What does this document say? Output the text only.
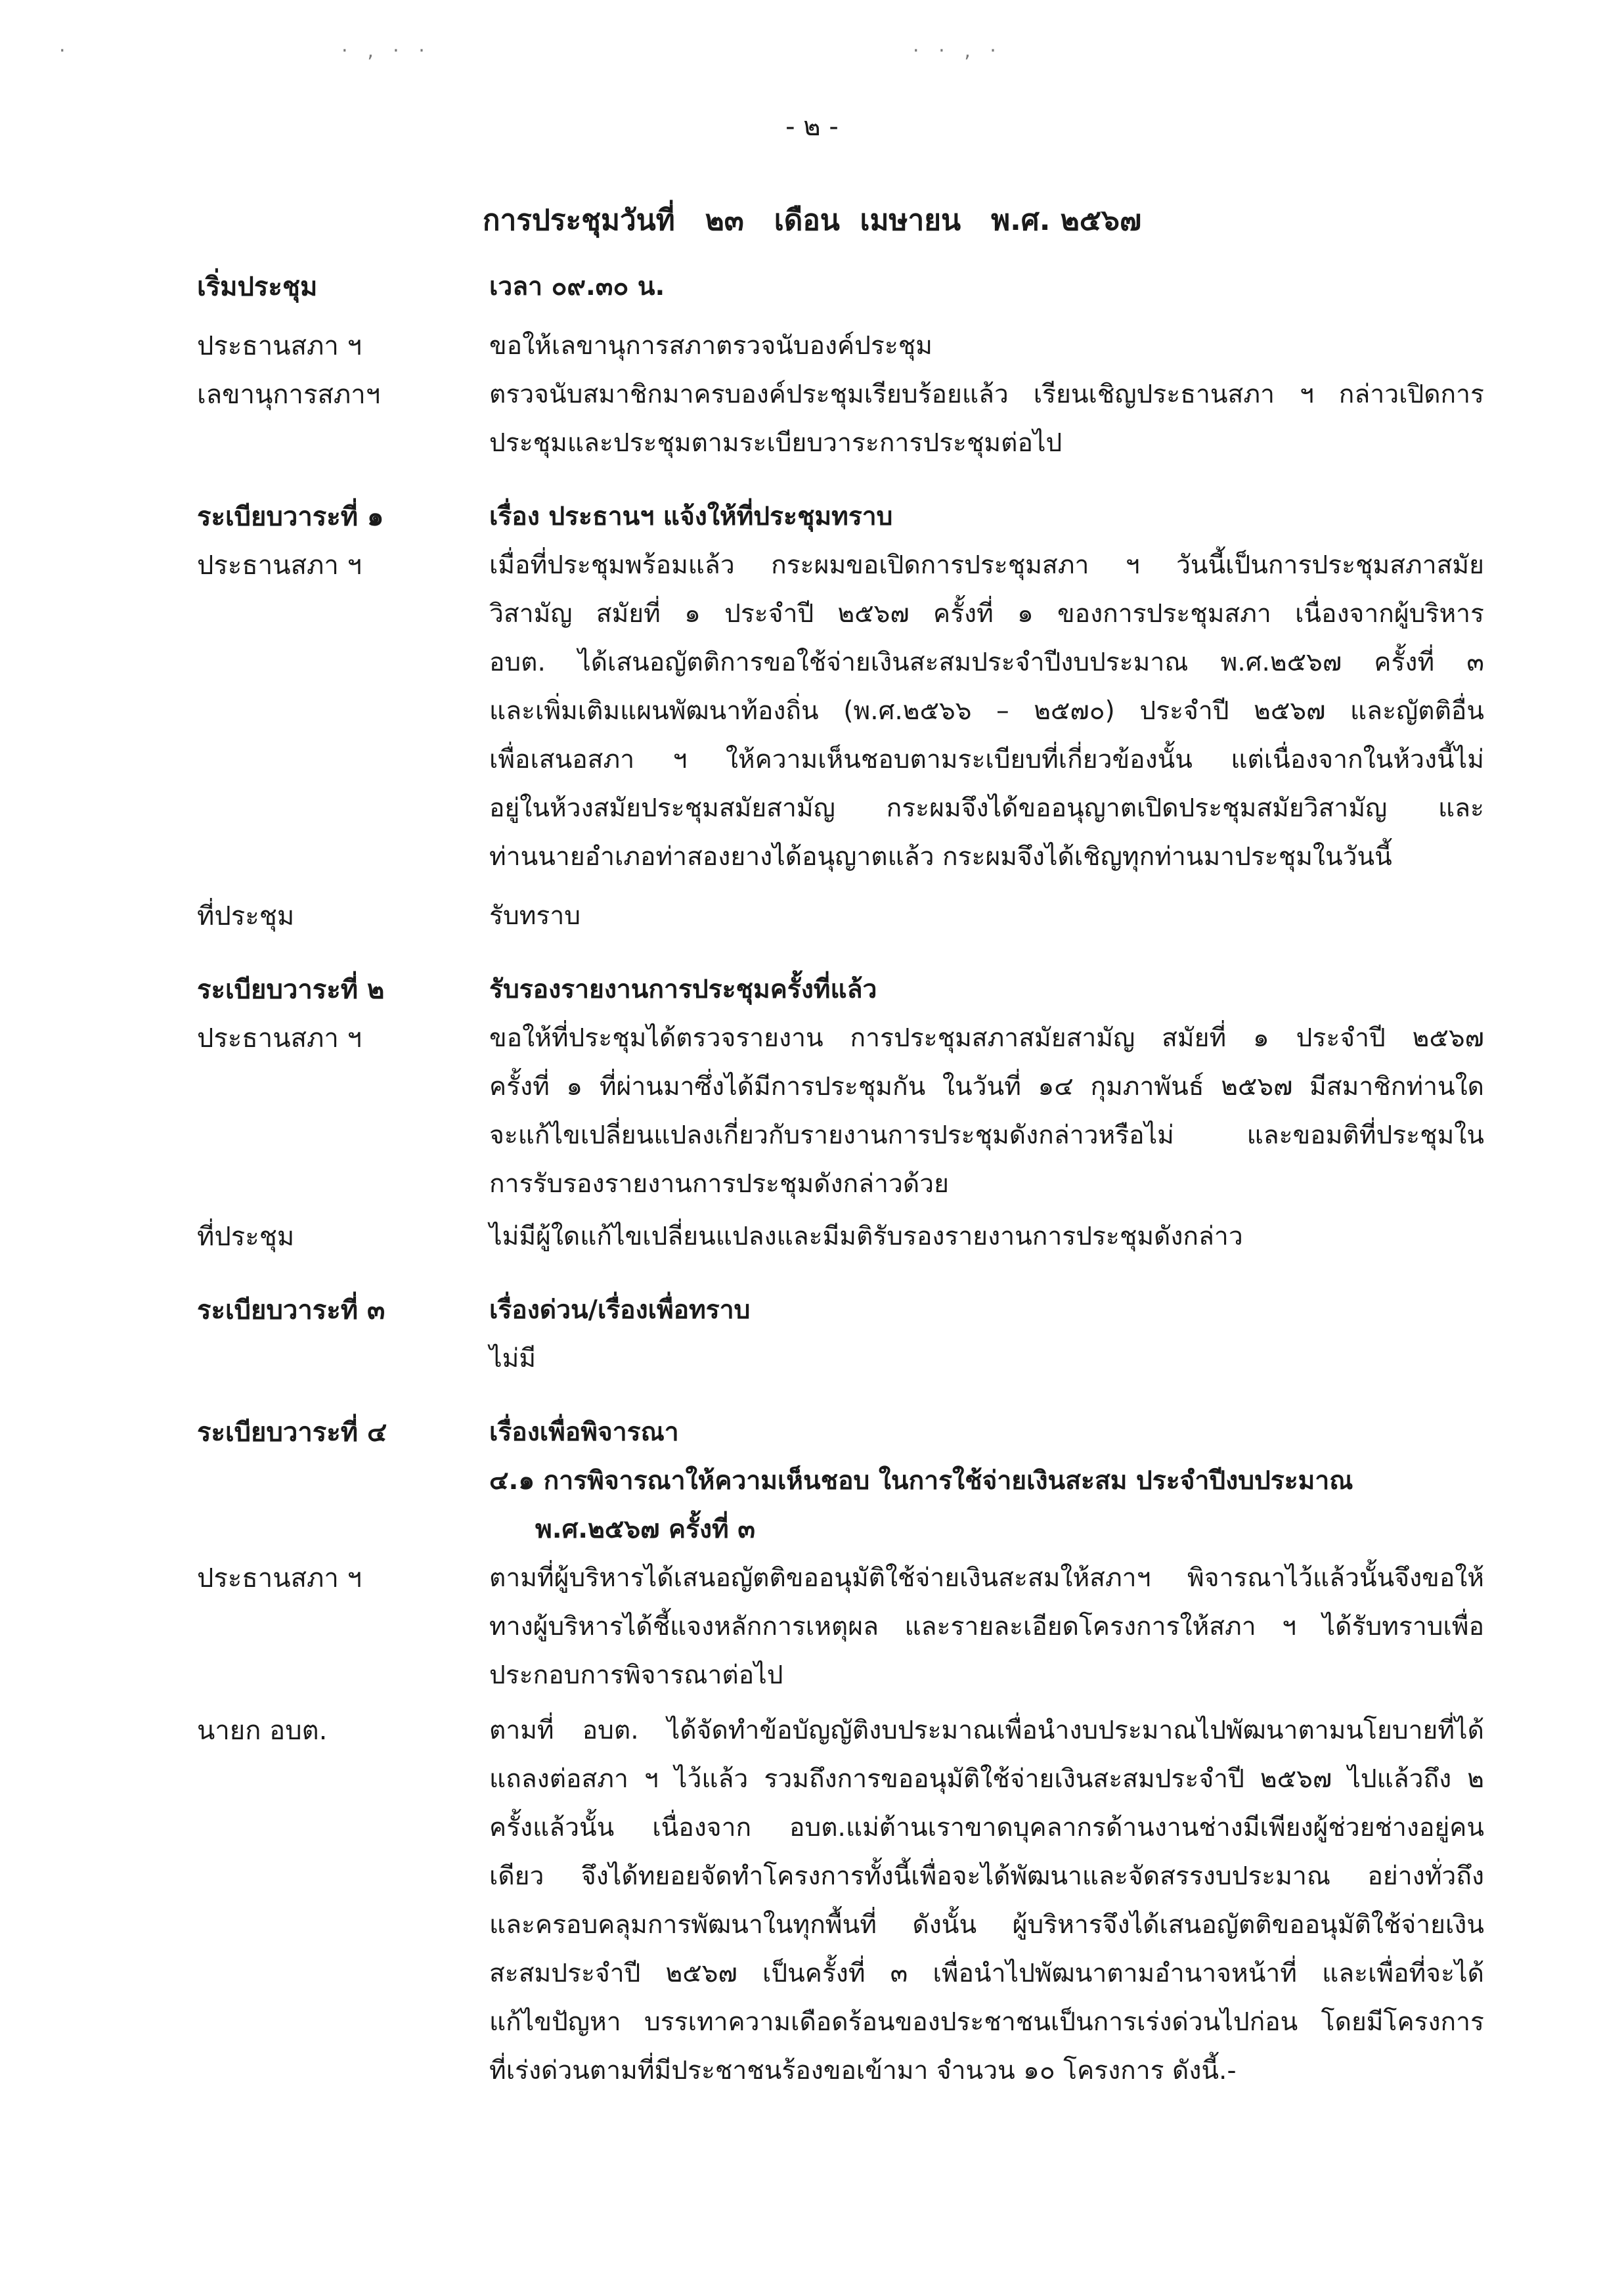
·	· ‚ · ·	· · ‚ ·
- ๒ -
การประชุมวันที่   ๒๓   เดือน  เมษายน   พ.ศ. ๒๕๖๗
เริ่มประชุม	เวลา ๐๙.๓๐ น.
ประธานสภา ฯ	ขอให้เลขานุการสภาตรวจนับองค์ประชุม
เลขานุการสภาฯ	ตรวจนับสมาชิกมาครบองค์ประชุมเรียบร้อยแล้ว เรียนเชิญประธานสภา ฯ กล่าวเปิดการ
ประชุมและประชุมตามระเบียบวาระการประชุมต่อไป
ระเบียบวาระที่ ๑	เรื่อง ประธานฯ แจ้งให้ที่ประชุมทราบ
ประธานสภา ฯ	เมื่อที่ประชุมพร้อมแล้ว กระผมขอเปิดการประชุมสภา ฯ วันนี้เป็นการประชุมสภาสมัย
วิสามัญ สมัยที่ ๑ ประจำปี ๒๕๖๗ ครั้งที่ ๑ ของการประชุมสภา เนื่องจากผู้บริหาร
อบต. ได้เสนอญัตติการขอใช้จ่ายเงินสะสมประจำปีงบประมาณ พ.ศ.๒๕๖๗ ครั้งที่ ๓
และเพิ่มเติมแผนพัฒนาท้องถิ่น (พ.ศ.๒๕๖๖ – ๒๕๗๐) ประจำปี ๒๕๖๗ และญัตติอื่น
เพื่อเสนอสภา ฯ ให้ความเห็นชอบตามระเบียบที่เกี่ยวข้องนั้น แต่เนื่องจากในห้วงนี้ไม่
อยู่ในห้วงสมัยประชุมสมัยสามัญ กระผมจึงได้ขออนุญาตเปิดประชุมสมัยวิสามัญ และ
ท่านนายอำเภอท่าสองยางได้อนุญาตแล้ว กระผมจึงได้เชิญทุกท่านมาประชุมในวันนี้
ที่ประชุม	รับทราบ
ระเบียบวาระที่ ๒	รับรองรายงานการประชุมครั้งที่แล้ว
ประธานสภา ฯ	ขอให้ที่ประชุมได้ตรวจรายงาน การประชุมสภาสมัยสามัญ สมัยที่ ๑ ประจำปี ๒๕๖๗
ครั้งที่ ๑ ที่ผ่านมาซึ่งได้มีการประชุมกัน ในวันที่ ๑๔ กุมภาพันธ์ ๒๕๖๗ มีสมาชิกท่านใด
จะแก้ไขเปลี่ยนแปลงเกี่ยวกับรายงานการประชุมดังกล่าวหรือไม่ และขอมติที่ประชุมใน
การรับรองรายงานการประชุมดังกล่าวด้วย
ที่ประชุม	ไม่มีผู้ใดแก้ไขเปลี่ยนแปลงและมีมติรับรองรายงานการประชุมดังกล่าว
ระเบียบวาระที่ ๓	เรื่องด่วน/เรื่องเพื่อทราบ
ไม่มี
ระเบียบวาระที่ ๔	เรื่องเพื่อพิจารณา
๔.๑ การพิจารณาให้ความเห็นชอบ ในการใช้จ่ายเงินสะสม ประจำปีงบประมาณ
พ.ศ.๒๕๖๗ ครั้งที่ ๓
ประธานสภา ฯ	ตามที่ผู้บริหารได้เสนอญัตติขออนุมัติใช้จ่ายเงินสะสมให้สภาฯ พิจารณาไว้แล้วนั้นจึงขอให้
ทางผู้บริหารได้ชี้แจงหลักการเหตุผล และรายละเอียดโครงการให้สภา ฯ ได้รับทราบเพื่อ
ประกอบการพิจารณาต่อไป
นายก อบต.	ตามที่ อบต. ได้จัดทำข้อบัญญัติงบประมาณเพื่อนำงบประมาณไปพัฒนาตามนโยบายที่ได้
แถลงต่อสภา ฯ ไว้แล้ว รวมถึงการขออนุมัติใช้จ่ายเงินสะสมประจำปี ๒๕๖๗ ไปแล้วถึง ๒
ครั้งแล้วนั้น เนื่องจาก อบต.แม่ต้านเราขาดบุคลากรด้านงานช่างมีเพียงผู้ช่วยช่างอยู่คน
เดียว จึงได้ทยอยจัดทำโครงการทั้งนี้เพื่อจะได้พัฒนาและจัดสรรงบประมาณ อย่างทั่วถึง
และครอบคลุมการพัฒนาในทุกพื้นที่ ดังนั้น ผู้บริหารจึงได้เสนอญัตติขออนุมัติใช้จ่ายเงิน
สะสมประจำปี ๒๕๖๗ เป็นครั้งที่ ๓ เพื่อนำไปพัฒนาตามอำนาจหน้าที่ และเพื่อที่จะได้
แก้ไขปัญหา บรรเทาความเดือดร้อนของประชาชนเป็นการเร่งด่วนไปก่อน โดยมีโครงการ
ที่เร่งด่วนตามที่มีประชาชนร้องขอเข้ามา จำนวน ๑๐ โครงการ ดังนี้.-
